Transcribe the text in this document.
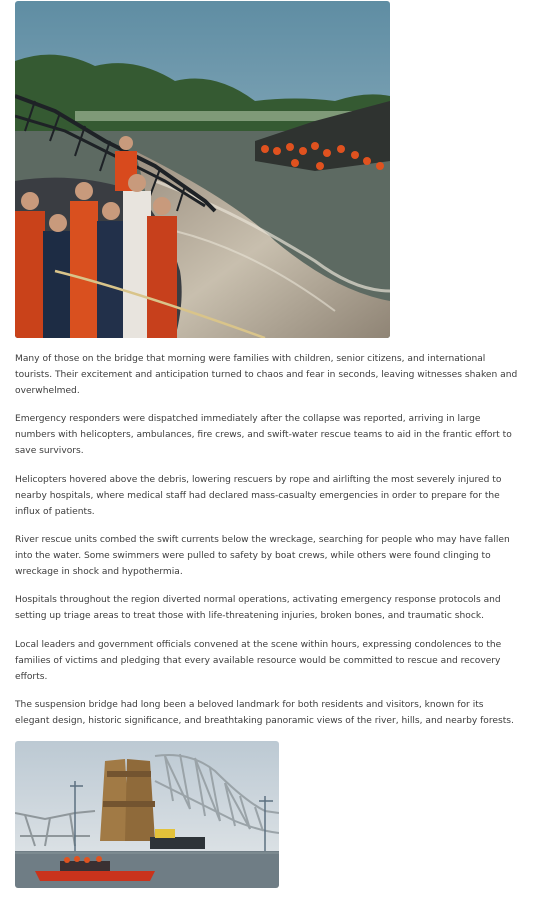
Many of those on the bridge that morning were families with children, senior citizens, and international tourists. Their excitement and anticipation turned to chaos and fear in seconds, leaving witnesses shaken and overwhelmed.

Emergency responders were dispatched immediately after the collapse was reported, arriving in large numbers with helicopters, ambulances, fire crews, and swift-water rescue teams to aid in the frantic effort to save survivors.

Helicopters hovered above the debris, lowering rescuers by rope and airlifting the most severely injured to nearby hospitals, where medical staff had declared mass-casualty emergencies in order to prepare for the influx of patients.

River rescue units combed the swift currents below the wreckage, searching for people who may have fallen into the water. Some swimmers were pulled to safety by boat crews, while others were found clinging to wreckage in shock and hypothermia.

Hospitals throughout the region diverted normal operations, activating emergency response protocols and setting up triage areas to treat those with life-threatening injuries, broken bones, and traumatic shock.

Local leaders and government officials convened at the scene within hours, expressing condolences to the families of victims and pledging that every available resource would be committed to rescue and recovery efforts.

The suspension bridge had long been a beloved landmark for both residents and visitors, known for its elegant design, historic significance, and breathtaking panoramic views of the river, hills, and nearby forests.
